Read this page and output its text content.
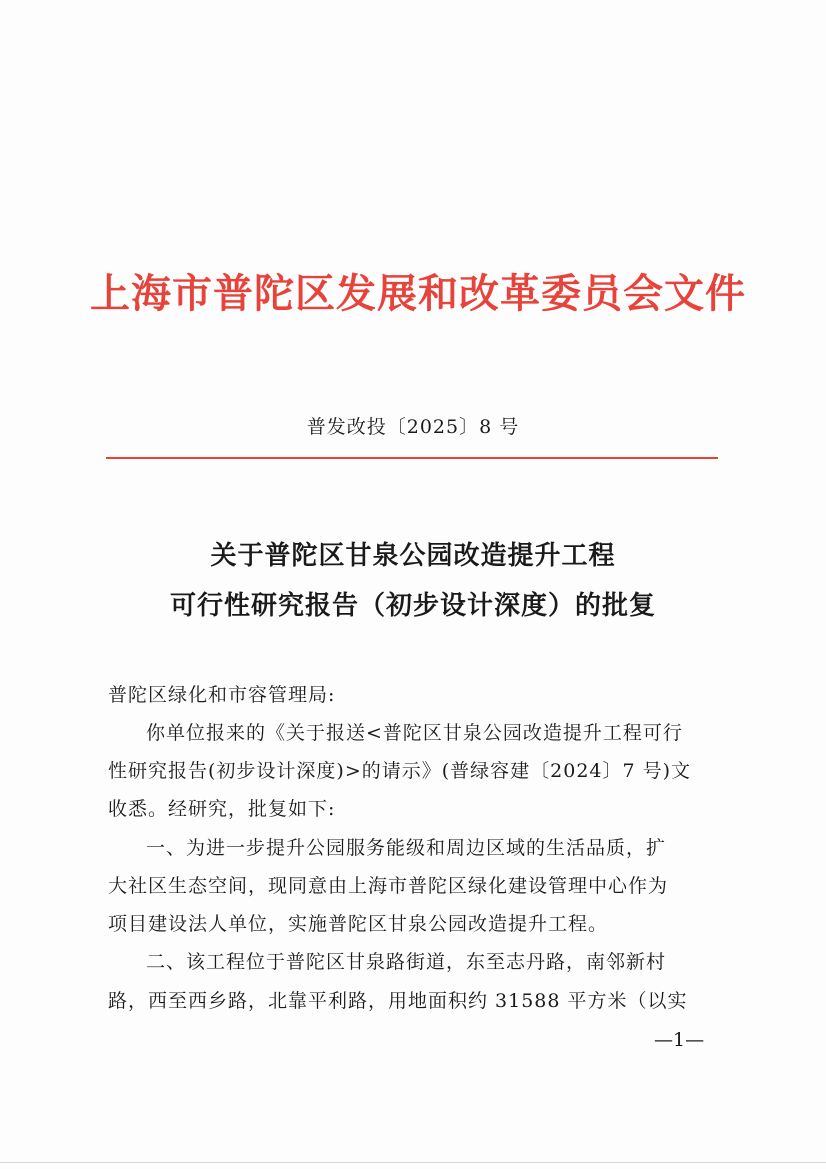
上海市普陀区发展和改革委员会文件
普发改投〔2025〕8 号
关于普陀区甘泉公园改造提升工程
可行性研究报告（初步设计深度）的批复
普陀区绿化和市容管理局:
你单位报来的《关于报送<普陀区甘泉公园改造提升工程可行
性研究报告(初步设计深度)>的请示》(普绿容建〔2024〕7 号)文
收悉。经研究，批复如下:
一、为进一步提升公园服务能级和周边区域的生活品质，扩
大社区生态空间，现同意由上海市普陀区绿化建设管理中心作为
项目建设法人单位，实施普陀区甘泉公园改造提升工程。
二、该工程位于普陀区甘泉路街道，东至志丹路，南邻新村
路，西至西乡路，北靠平利路，用地面积约 31588 平方米（以实
—1—
